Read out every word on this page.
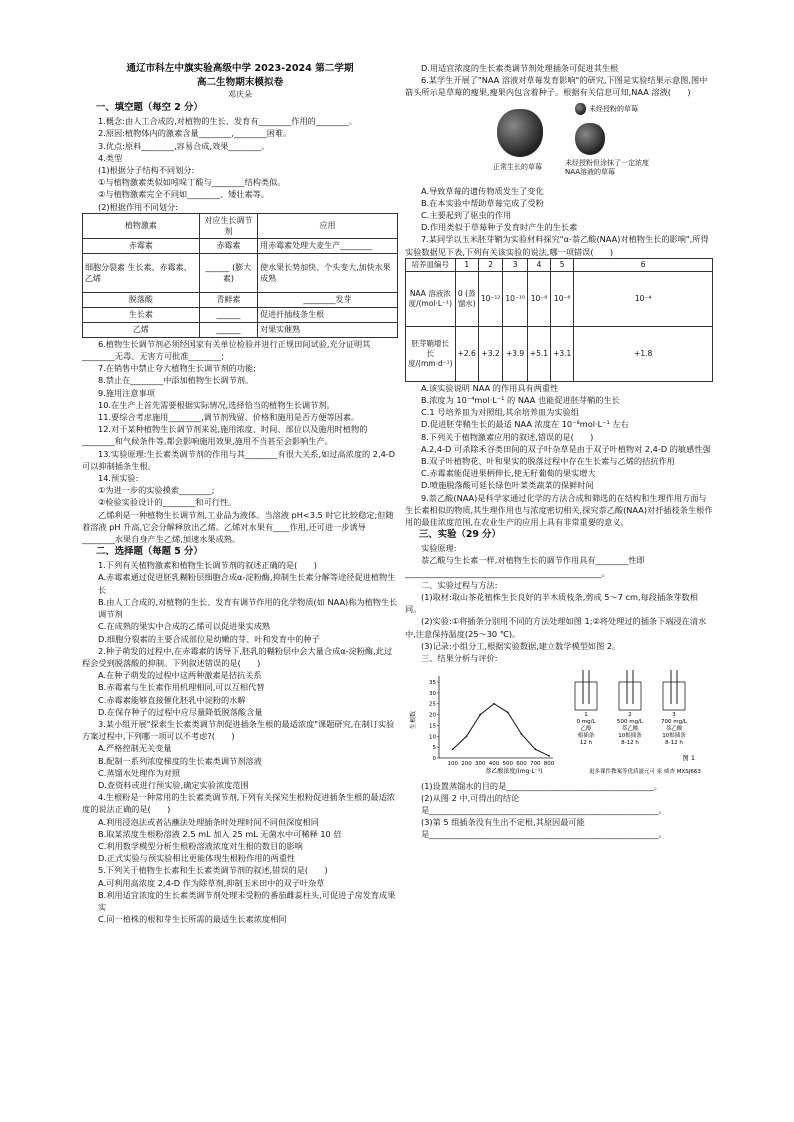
通辽市科左中旗实验高级中学 2023-2024 第二学期

高二生物期末模拟卷

邓庆朵

一、填空题（每空 2 分）

1.概念:由人工合成的,对植物的生长、发育有________作用的________。

2.原因:植物体内的激素含量________,________困难。

3.优点:原料________,容易合成,效果________。

4.类型

(1)根据分子结构不同划分:

①与植物激素类似如吲哚丁酸与________结构类似。

②与植物激素完全不同如________、矮壮素等。

(2)根据作用不同划分:

植物激素	对应生长调节剂	应用
赤霉素	赤霉素	用赤霉素处理大麦生产________
细胞分裂素 生长素、赤霉素、乙烯	______ (膨大素)	使水果长势加快、个头变大,加快水果成熟
脱落酸	青鲜素	________发芽
生长素	______	促进扦插枝条生根
乙烯	______	对果实催熟

6.植物生长调节剂必须经国家有关单位检验并进行正规田间试验,充分证明其________无毒、无害方可批准________;

7.在销售中禁止夸大植物生长调节剂的功能;

8.禁止在________中添加植物生长调节剂。

9.施用注意事项

10.在生产上首先需要根据实际情况,选择恰当的植物生长调节剂。

11.要综合考虑施用________,调节剂残留、价格和施用是否方便等因素。

12.对于某种植物生长调节剂来说,施用浓度、时间、部位以及施用时植物的________和气候条件等,都会影响施用效果,施用不当甚至会影响生产。

13.实验原理:生长素类调节剂的作用与其________有很大关系,如过高浓度的 2,4-D 可以抑制插条生根。

14.预实验:

①为进一步的实验摸索________;

②检验实验设计的________和可行性。

乙烯利是一种植物生长调节剂,工业品为液体。当溶液 pH<3.5 时它比较稳定;但随着溶液 pH 升高,它会分解释放出乙烯。乙烯对水果有____作用,还可进一步诱导________水果自身产生乙烯,加速水果成熟。

二、选择题（每题 5 分）

1.下列有关植物激素和植物生长调节剂的叙述正确的是(　　)

A.赤霉素通过促进胚乳糊粉层细胞合成α-淀粉酶,抑制生长素分解等途径促进植物生长

B.由人工合成的,对植物的生长、发育有调节作用的化学物质(如 NAA)称为植物生长调节剂

C.在成熟的果实中合成的乙烯可以促进果实成熟

D.细胞分裂素的主要合成部位是幼嫩的芽、叶和发育中的种子

2.种子萌发的过程中,在赤霉素的诱导下,胚乳的糊粉层中会大量合成α-淀粉酶,此过程会受到脱落酸的抑制。下列叙述错误的是(　　)

A.在种子萌发的过程中这两种激素是拮抗关系

B.赤霉素与生长素作用机理相同,可以互相代替

C.赤霉素能够直接催化胚乳中淀粉的水解

D.在保存种子的过程中应尽量降低脱落酸含量

3.某小组开展"探索生长素类调节剂促进插条生根的最适浓度"课题研究,在制订实验方案过程中,下列哪一项可以不考虑?(　　)

A.严格控制无关变量

B.配制一系列浓度梯度的生长素类调节剂溶液

C.蒸馏水处理作为对照

D.查资料或进行预实验,确定实验浓度范围

4.生根粉是一种常用的生长素类调节剂,下列有关探究生根粉促进插条生根的最适浓度的说法正确的是(　　)

A.利用浸泡法或者沾蘸法处理插条时处理时间不同但深度相同

B.取某浓度生根粉溶液 2.5 mL 加入 25 mL 无菌水中可稀释 10 倍

C.利用数学模型分析生根粉溶液浓度对生根的数目的影响

D.正式实验与预实验相比更能体现生根粉作用的两重性

5.下列关于植物生长素和生长素类调节剂的叙述,错误的是(　　)

A.可利用高浓度 2,4-D 作为除草剂,抑制玉米田中的双子叶杂草

B.利用适宜浓度的生长素类调节剂处理未受粉的番茄雌蕊柱头,可促进子房发育成果实

C.同一植株的根和芽生长所需的最适生长素浓度相同

D.用适宜浓度的生长素类调节剂处理插条可促进其生根

6.某学生开展了"NAA 溶液对草莓发育影响"的研究,下图是实验结果示意图,图中箭头所示是草莓的瘦果,瘦果内包含着种子。根据有关信息可知,NAA 溶液(　　)

未经授粉的草莓
正常生长的草莓	未经授粉但涂抹了一定浓度NAA溶液的草莓

A.导致草莓的遗传物质发生了变化

B.在本实验中帮助草莓完成了受粉

C.主要起到了驱虫的作用

D.作用类似于草莓种子发育时产生的生长素

7.某同学以玉米胚芽鞘为实验材料探究"α-萘乙酸(NAA)对植物生长的影响",所得实验数据见下表,下列有关该实验的说法,哪一项错误(　　)

培养皿编号	1	2	3	4	5	6
NAA 溶液浓度/(mol·L⁻¹)	0 (蒸馏水)	10⁻¹²	10⁻¹⁰	10⁻⁸	10⁻⁶	10⁻⁴
胚芽鞘增长长度/(mm·d⁻¹)	+2.6	+3.2	+3.9	+5.1	+3.1	+1.8

A.该实验说明 NAA 的作用具有两重性

B.浓度为 10⁻⁴mol·L⁻¹ 的 NAA 也能促进胚芽鞘的生长

C.1 号培养皿为对照组,其余培养皿为实验组

D.促进胚芽鞘生长的最适 NAA 浓度在 10⁻⁸mol·L⁻¹ 左右

8.下列关于植物激素应用的叙述,错误的是(　　)

A.2,4-D 可杀除禾谷类田间的双子叶杂草是由于双子叶植物对 2,4-D 的敏感性强

B.双子叶植物花、叶和果实的脱落过程中存在生长素与乙烯的拮抗作用

C.赤霉素能促进果柄伸长,使无籽葡萄的果实增大

D.喷施脱落酸可延长绿色叶菜类蔬菜的保鲜时间

9.萘乙酸(NAA)是科学家通过化学的方法合成和筛选的在结构和生理作用方面与生长素相似的物质,其生理作用也与浓度密切相关,探究萘乙酸(NAA)对扦插枝条生根作用的最佳浓度范围,在农业生产的应用上具有非常重要的意义。

三、实验（29 分）

实验原理:

萘乙酸与生长素一样,对植物生长的调节作用具有________性即________________________________________________。

二、实验过程与方法:

(1)取材:取山茶花植株生长良好的半木质枝条,剪成 5～7 cm,每段插条芽数相同。

(2)实验:①将插条分别用不同的方法处理如图 1;②将处理过的插条下端浸在清水中,注意保持温度(25～30 ℃)。

(3)记录:小组分工,根据实验数据,建立数学模型如图 2。

三、结果分析与评价:

0
5
10
15
20
25
30
35
100 200 300 400 500 600 700 800
生根数
萘乙酸浓度/(mg·L⁻¹)	更多课件教案等优质滋元可 家 威杏 MXSJ663
1
0 mg/L
乙醇
根插条
12 h
2
500 mg/L
萘乙酸
10根插条
8-12 h
3
700 mg/L
萘乙酸
10根插条
8-12 h
图 1

(1)设置蒸馏水的目的是____________________________________。

(2)从图 2 中,可得出的结论

是________________________________________________________。

(3)第 5 组插条没有生出不定根,其原因最可能

是________________________________________________________。
